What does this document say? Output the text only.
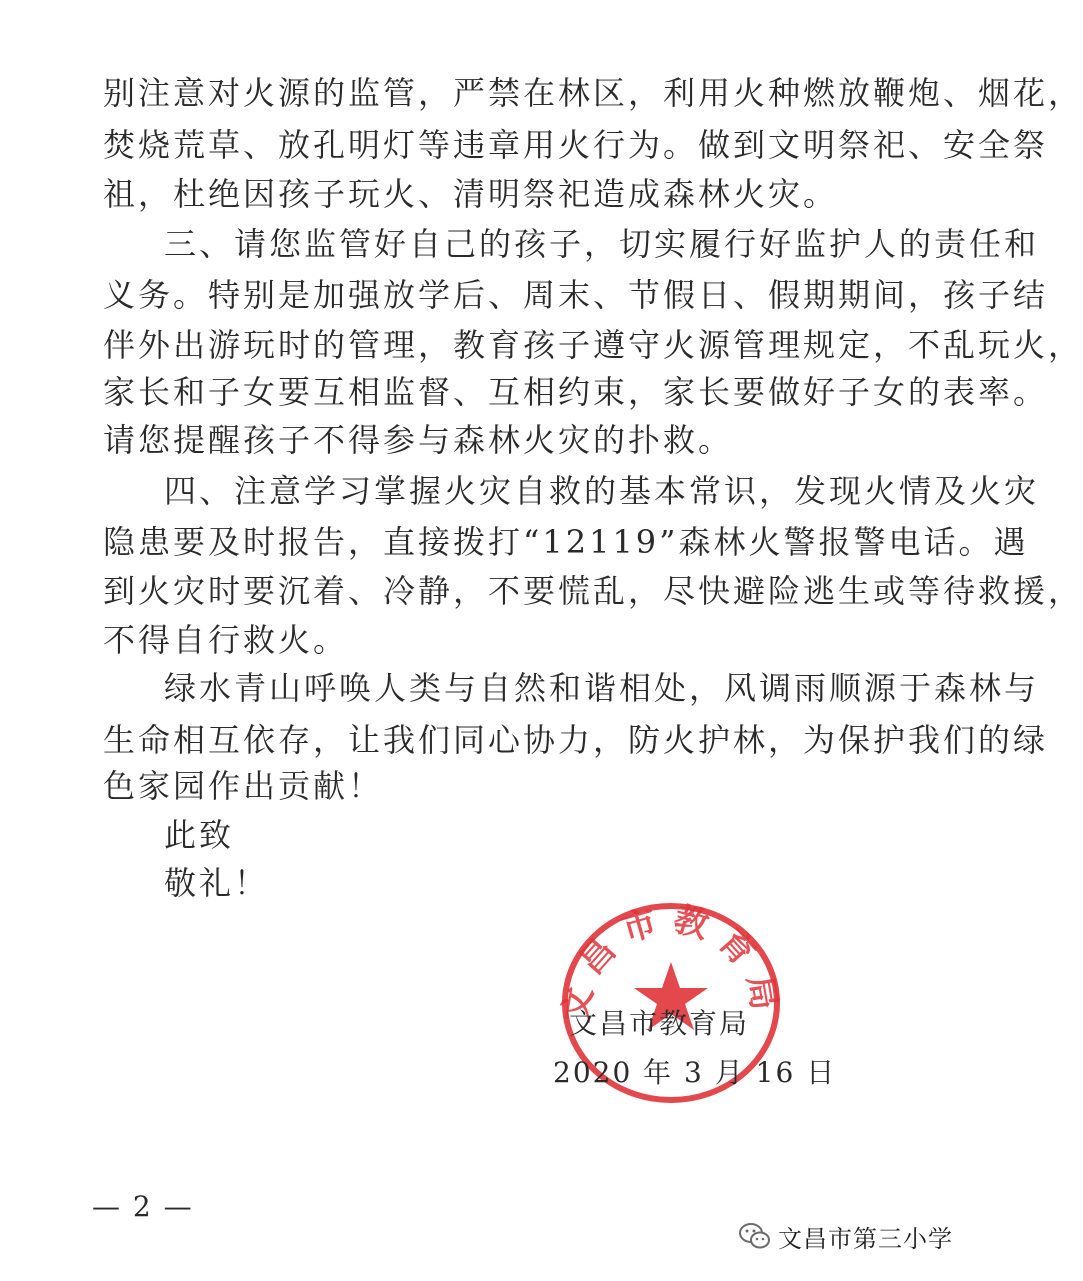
别注意对火源的监管，严禁在林区，利用火种燃放鞭炮、烟花，
焚烧荒草、放孔明灯等违章用火行为。做到文明祭祀、安全祭
祖，杜绝因孩子玩火、清明祭祀造成森林火灾。
三、请您监管好自己的孩子，切实履行好监护人的责任和
义务。特别是加强放学后、周末、节假日、假期期间，孩子结
伴外出游玩时的管理，教育孩子遵守火源管理规定，不乱玩火，
家长和子女要互相监督、互相约束，家长要做好子女的表率。
请您提醒孩子不得参与森林火灾的扑救。
四、注意学习掌握火灾自救的基本常识，发现火情及火灾
隐患要及时报告，直接拨打“12119”森林火警报警电话。遇
到火灾时要沉着、冷静，不要慌乱，尽快避险逃生或等待救援，
不得自行救火。
绿水青山呼唤人类与自然和谐相处，风调雨顺源于森林与
生命相互依存，让我们同心协力，防火护林，为保护我们的绿
色家园作出贡献！
此致
敬礼！
文昌市教育局
文昌市教育局
2020 年 3 月 16 日
— 2 —
文昌市第三小学
